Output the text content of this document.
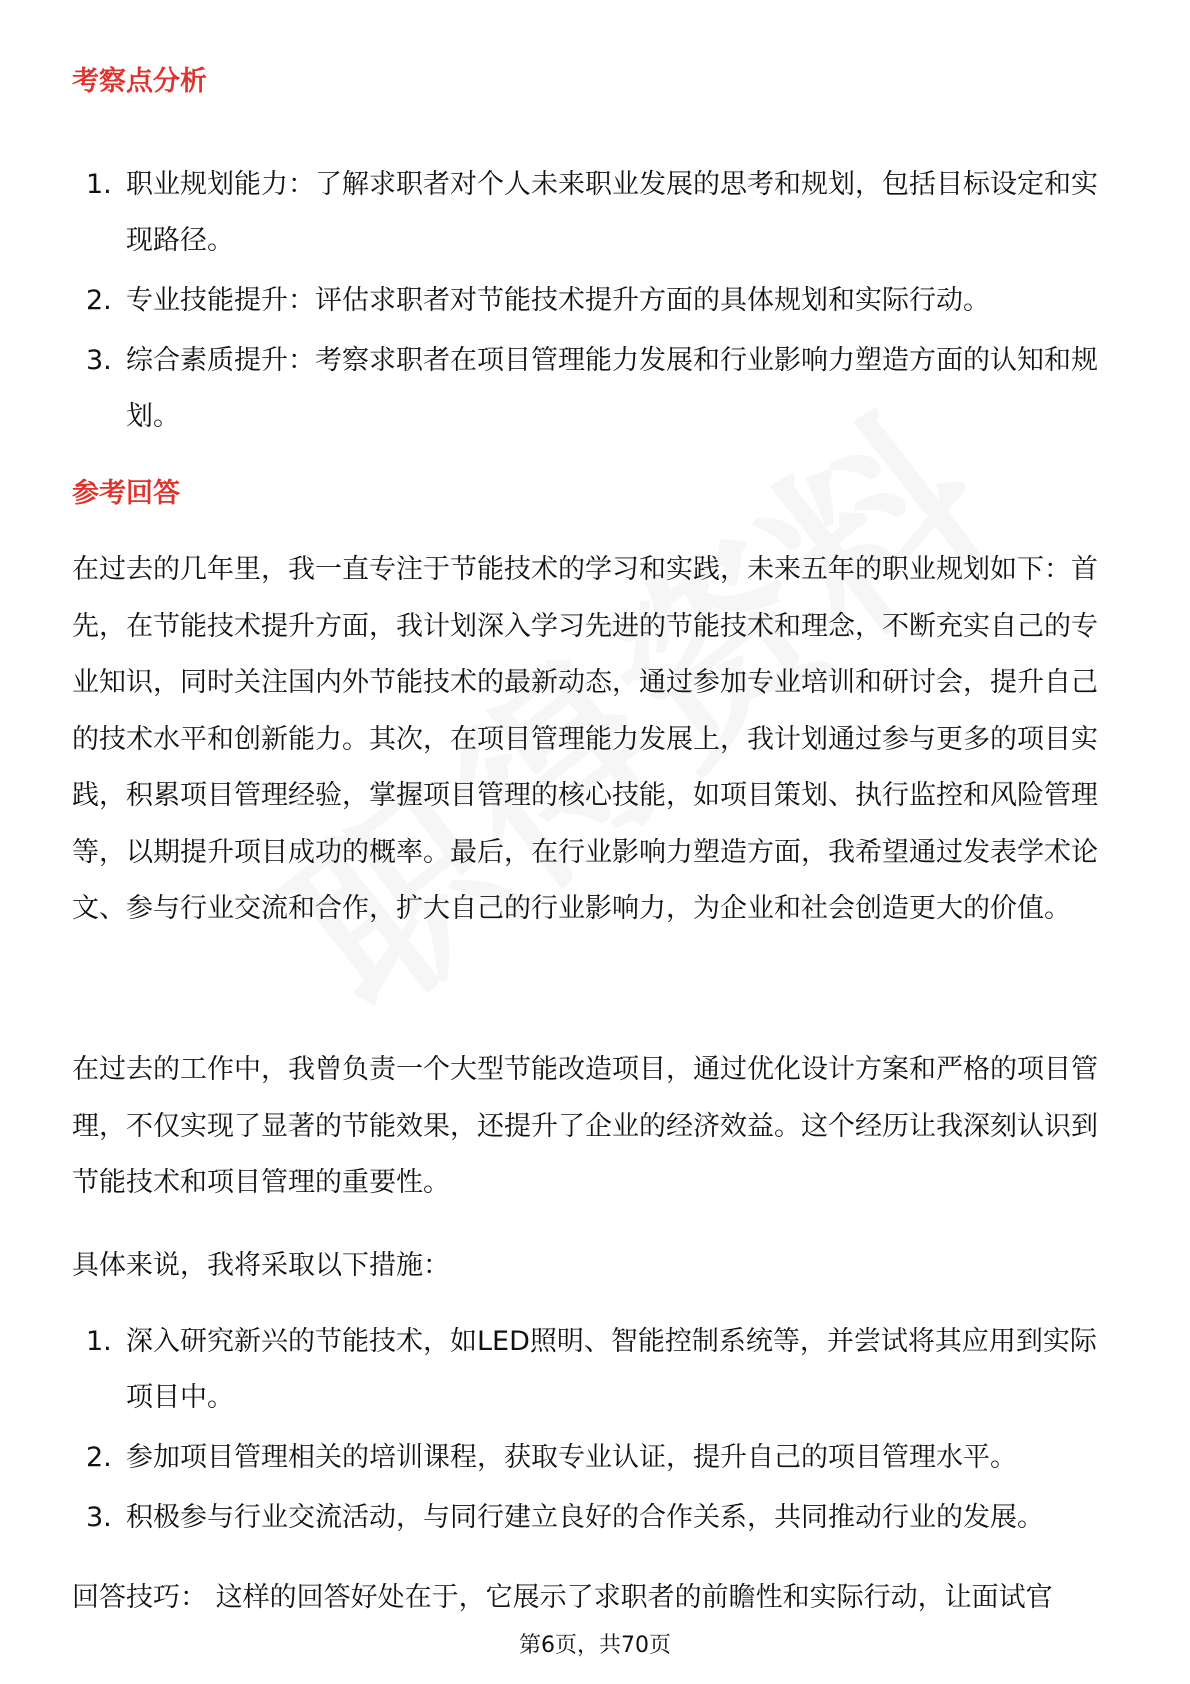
考察点分析
1. 职业规划能力：了解求职者对个人未来职业发展的思考和规划，包括目标设定和实现路径。
2. 专业技能提升：评估求职者对节能技术提升方面的具体规划和实际行动。
3. 综合素质提升：考察求职者在项目管理能力发展和行业影响力塑造方面的认知和规划。
参考回答

在过去的几年里，我一直专注于节能技术的学习和实践，未来五年的职业规划如下：首先，在节能技术提升方面，我计划深入学习先进的节能技术和理念，不断充实自己的专业知识，同时关注国内外节能技术的最新动态，通过参加专业培训和研讨会，提升自己的技术水平和创新能力。其次，在项目管理能力发展上，我计划通过参与更多的项目实践，积累项目管理经验，掌握项目管理的核心技能，如项目策划、执行监控和风险管理等，以期提升项目成功的概率。最后，在行业影响力塑造方面，我希望通过发表学术论文、参与行业交流和合作，扩大自己的行业影响力，为企业和社会创造更大的价值。

在过去的工作中，我曾负责一个大型节能改造项目，通过优化设计方案和严格的项目管理，不仅实现了显著的节能效果，还提升了企业的经济效益。这个经历让我深刻认识到节能技术和项目管理的重要性。

具体来说，我将采取以下措施：

1. 深入研究新兴的节能技术，如LED照明、智能控制系统等，并尝试将其应用到实际项目中。
2. 参加项目管理相关的培训课程，获取专业认证，提升自己的项目管理水平。
3. 积极参与行业交流活动，与同行建立良好的合作关系，共同推动行业的发展。

回答技巧： 这样的回答好处在于，它展示了求职者的前瞻性和实际行动，让面试官

第6页，共70页
